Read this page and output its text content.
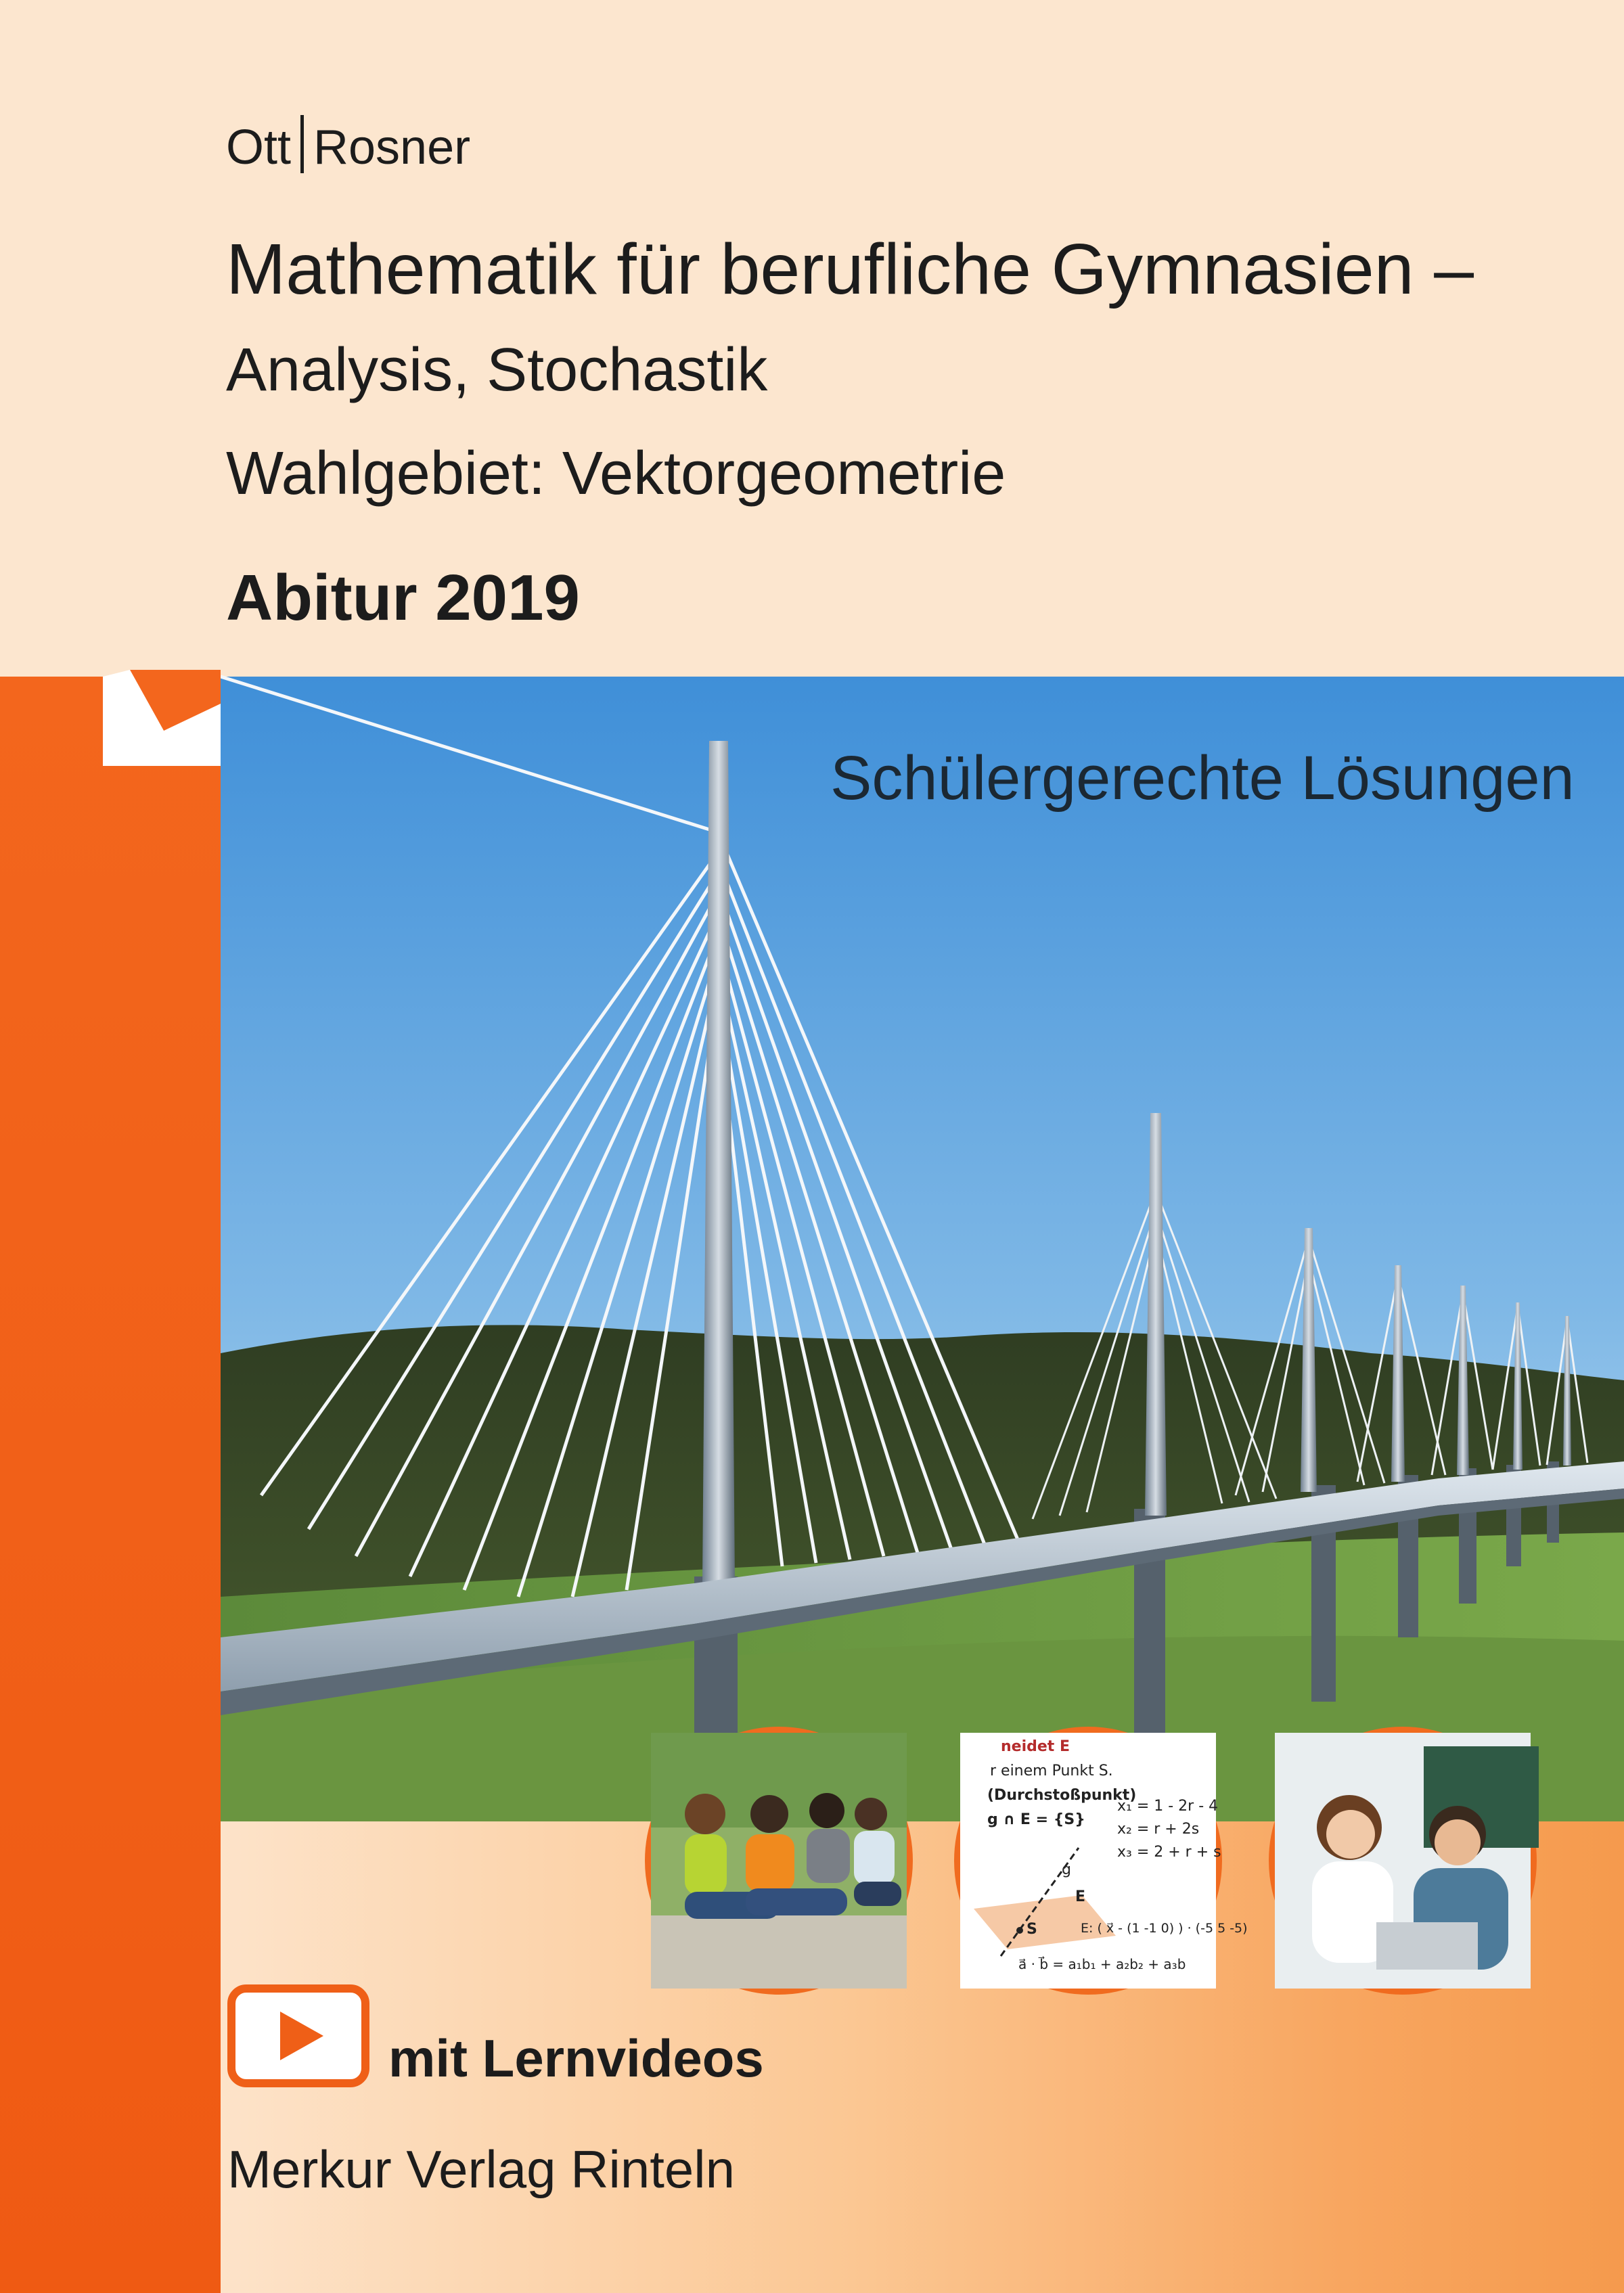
Ott Rosner
Mathematik für berufliche Gymnasien –
Analysis, Stochastik
Wahlgebiet: Vektorgeometrie
Abitur 2019
Schülergerechte Lösungen
neidet E
r einem Punkt S.
(Durchstoßpunkt)
g ∩ E = {S}
x₁ = 1 - 2r - 4
x₂ = r + 2s
x₃ = 2 + r + s
g
E
S	E: ( x⃗ - (1 -1 0) ) · (-5 5 -5)
a⃗ · b⃗ = a₁b₁ + a₂b₂ + a₃b
mit Lernvideos
Merkur Verlag Rinteln
